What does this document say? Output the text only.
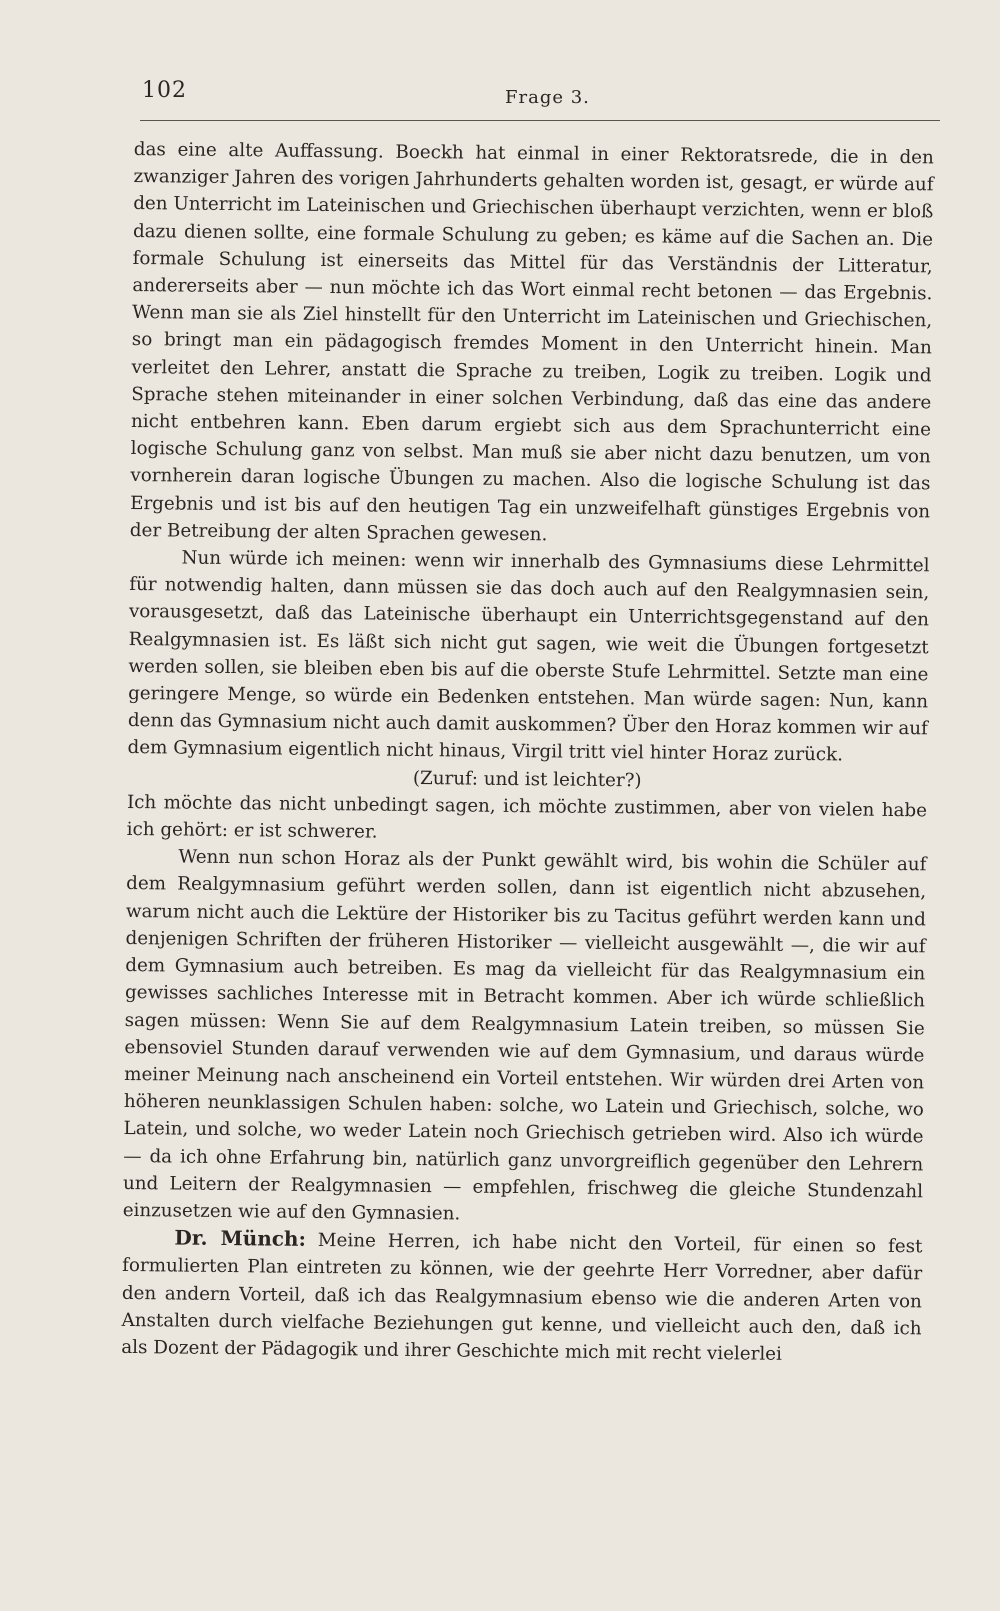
102	Frage 3.

das eine alte Auffassung. Boeckh hat einmal in einer Rektoratsrede, die in den zwanziger Jahren des vorigen Jahrhunderts gehalten worden ist, gesagt, er würde auf den Unterricht im Lateinischen und Griechischen überhaupt verzichten, wenn er bloß dazu dienen sollte, eine formale Schulung zu geben; es käme auf die Sachen an. Die formale Schulung ist einerseits das Mittel für das Verständnis der Litteratur, andererseits aber — nun möchte ich das Wort einmal recht betonen — das Ergebnis. Wenn man sie als Ziel hinstellt für den Unterricht im Lateinischen und Griechischen, so bringt man ein pädagogisch fremdes Moment in den Unterricht hinein. Man verleitet den Lehrer, anstatt die Sprache zu treiben, Logik zu treiben. Logik und Sprache stehen miteinander in einer solchen Verbindung, daß das eine das andere nicht entbehren kann. Eben darum ergiebt sich aus dem Sprachunterricht eine logische Schulung ganz von selbst. Man muß sie aber nicht dazu benutzen, um von vornherein daran logische Übungen zu machen. Also die logische Schulung ist das Ergebnis und ist bis auf den heutigen Tag ein unzweifelhaft günstiges Ergebnis von der Betreibung der alten Sprachen gewesen.

Nun würde ich meinen: wenn wir innerhalb des Gymnasiums diese Lehrmittel für notwendig halten, dann müssen sie das doch auch auf den Realgymnasien sein, vorausgesetzt, daß das Lateinische überhaupt ein Unterrichtsgegenstand auf den Realgymnasien ist. Es läßt sich nicht gut sagen, wie weit die Übungen fortgesetzt werden sollen, sie bleiben eben bis auf die oberste Stufe Lehrmittel. Setzte man eine geringere Menge, so würde ein Bedenken entstehen. Man würde sagen: Nun, kann denn das Gymnasium nicht auch damit auskommen? Über den Horaz kommen wir auf dem Gymnasium eigentlich nicht hinaus, Virgil tritt viel hinter Horaz zurück.

(Zuruf: und ist leichter?)

Ich möchte das nicht unbedingt sagen, ich möchte zustimmen, aber von vielen habe ich gehört: er ist schwerer.

Wenn nun schon Horaz als der Punkt gewählt wird, bis wohin die Schüler auf dem Realgymnasium geführt werden sollen, dann ist eigentlich nicht abzusehen, warum nicht auch die Lektüre der Historiker bis zu Tacitus geführt werden kann und denjenigen Schriften der früheren Historiker — vielleicht ausgewählt —, die wir auf dem Gymnasium auch betreiben. Es mag da vielleicht für das Realgymnasium ein gewisses sachliches Interesse mit in Betracht kommen. Aber ich würde schließlich sagen müssen: Wenn Sie auf dem Realgymnasium Latein treiben, so müssen Sie ebensoviel Stunden darauf verwenden wie auf dem Gymnasium, und daraus würde meiner Meinung nach anscheinend ein Vorteil entstehen. Wir würden drei Arten von höheren neunklassigen Schulen haben: solche, wo Latein und Griechisch, solche, wo Latein, und solche, wo weder Latein noch Griechisch getrieben wird. Also ich würde — da ich ohne Erfahrung bin, natürlich ganz unvorgreiflich gegenüber den Lehrern und Leitern der Realgymnasien — empfehlen, frischweg die gleiche Stundenzahl einzusetzen wie auf den Gymnasien.

Dr. Münch: Meine Herren, ich habe nicht den Vorteil, für einen so fest formulierten Plan eintreten zu können, wie der geehrte Herr Vorredner, aber dafür den andern Vorteil, daß ich das Realgymnasium ebenso wie die anderen Arten von Anstalten durch vielfache Beziehungen gut kenne, und vielleicht auch den, daß ich als Dozent der Pädagogik und ihrer Geschichte mich mit recht vielerlei
